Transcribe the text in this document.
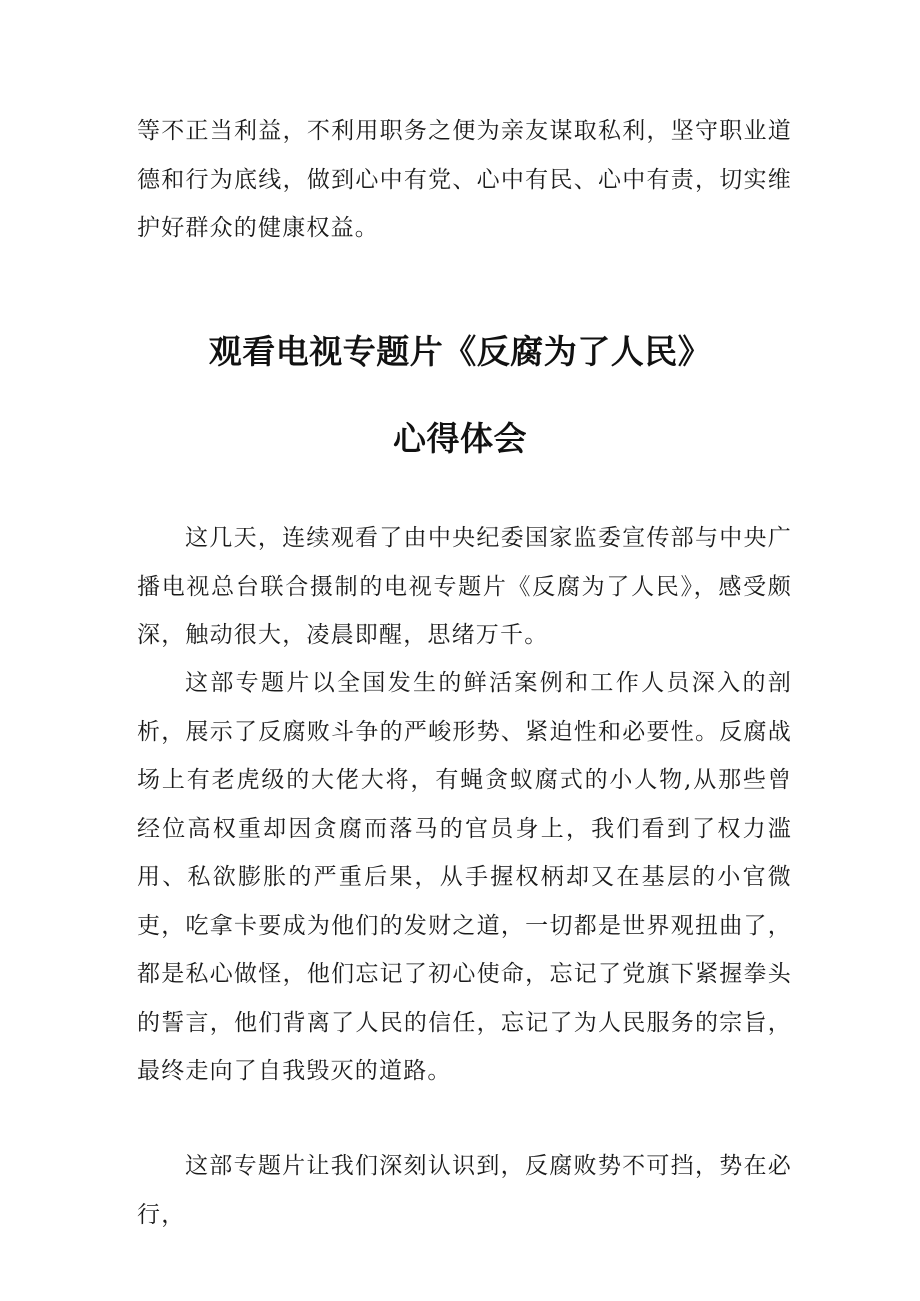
等不正当利益，不利用职务之便为亲友谋取私利，坚守职业道德和行为底线，做到心中有党、心中有民、心中有责，切实维护好群众的健康权益。

观看电视专题片《反腐为了人民》
心得体会

这几天，连续观看了由中央纪委国家监委宣传部与中央广播电视总台联合摄制的电视专题片《反腐为了人民》，感受颇深，触动很大，凌晨即醒，思绪万千。

这部专题片以全国发生的鲜活案例和工作人员深入的剖析，展示了反腐败斗争的严峻形势、紧迫性和必要性。反腐战场上有老虎级的大佬大将，有蝇贪蚁腐式的小人物,从那些曾经位高权重却因贪腐而落马的官员身上，我们看到了权力滥用、私欲膨胀的严重后果，从手握权柄却又在基层的小官微吏，吃拿卡要成为他们的发财之道，一切都是世界观扭曲了，都是私心做怪，他们忘记了初心使命，忘记了党旗下紧握拳头的誓言，他们背离了人民的信任，忘记了为人民服务的宗旨，最终走向了自我毁灭的道路。

这部专题片让我们深刻认识到，反腐败势不可挡，势在必行，
